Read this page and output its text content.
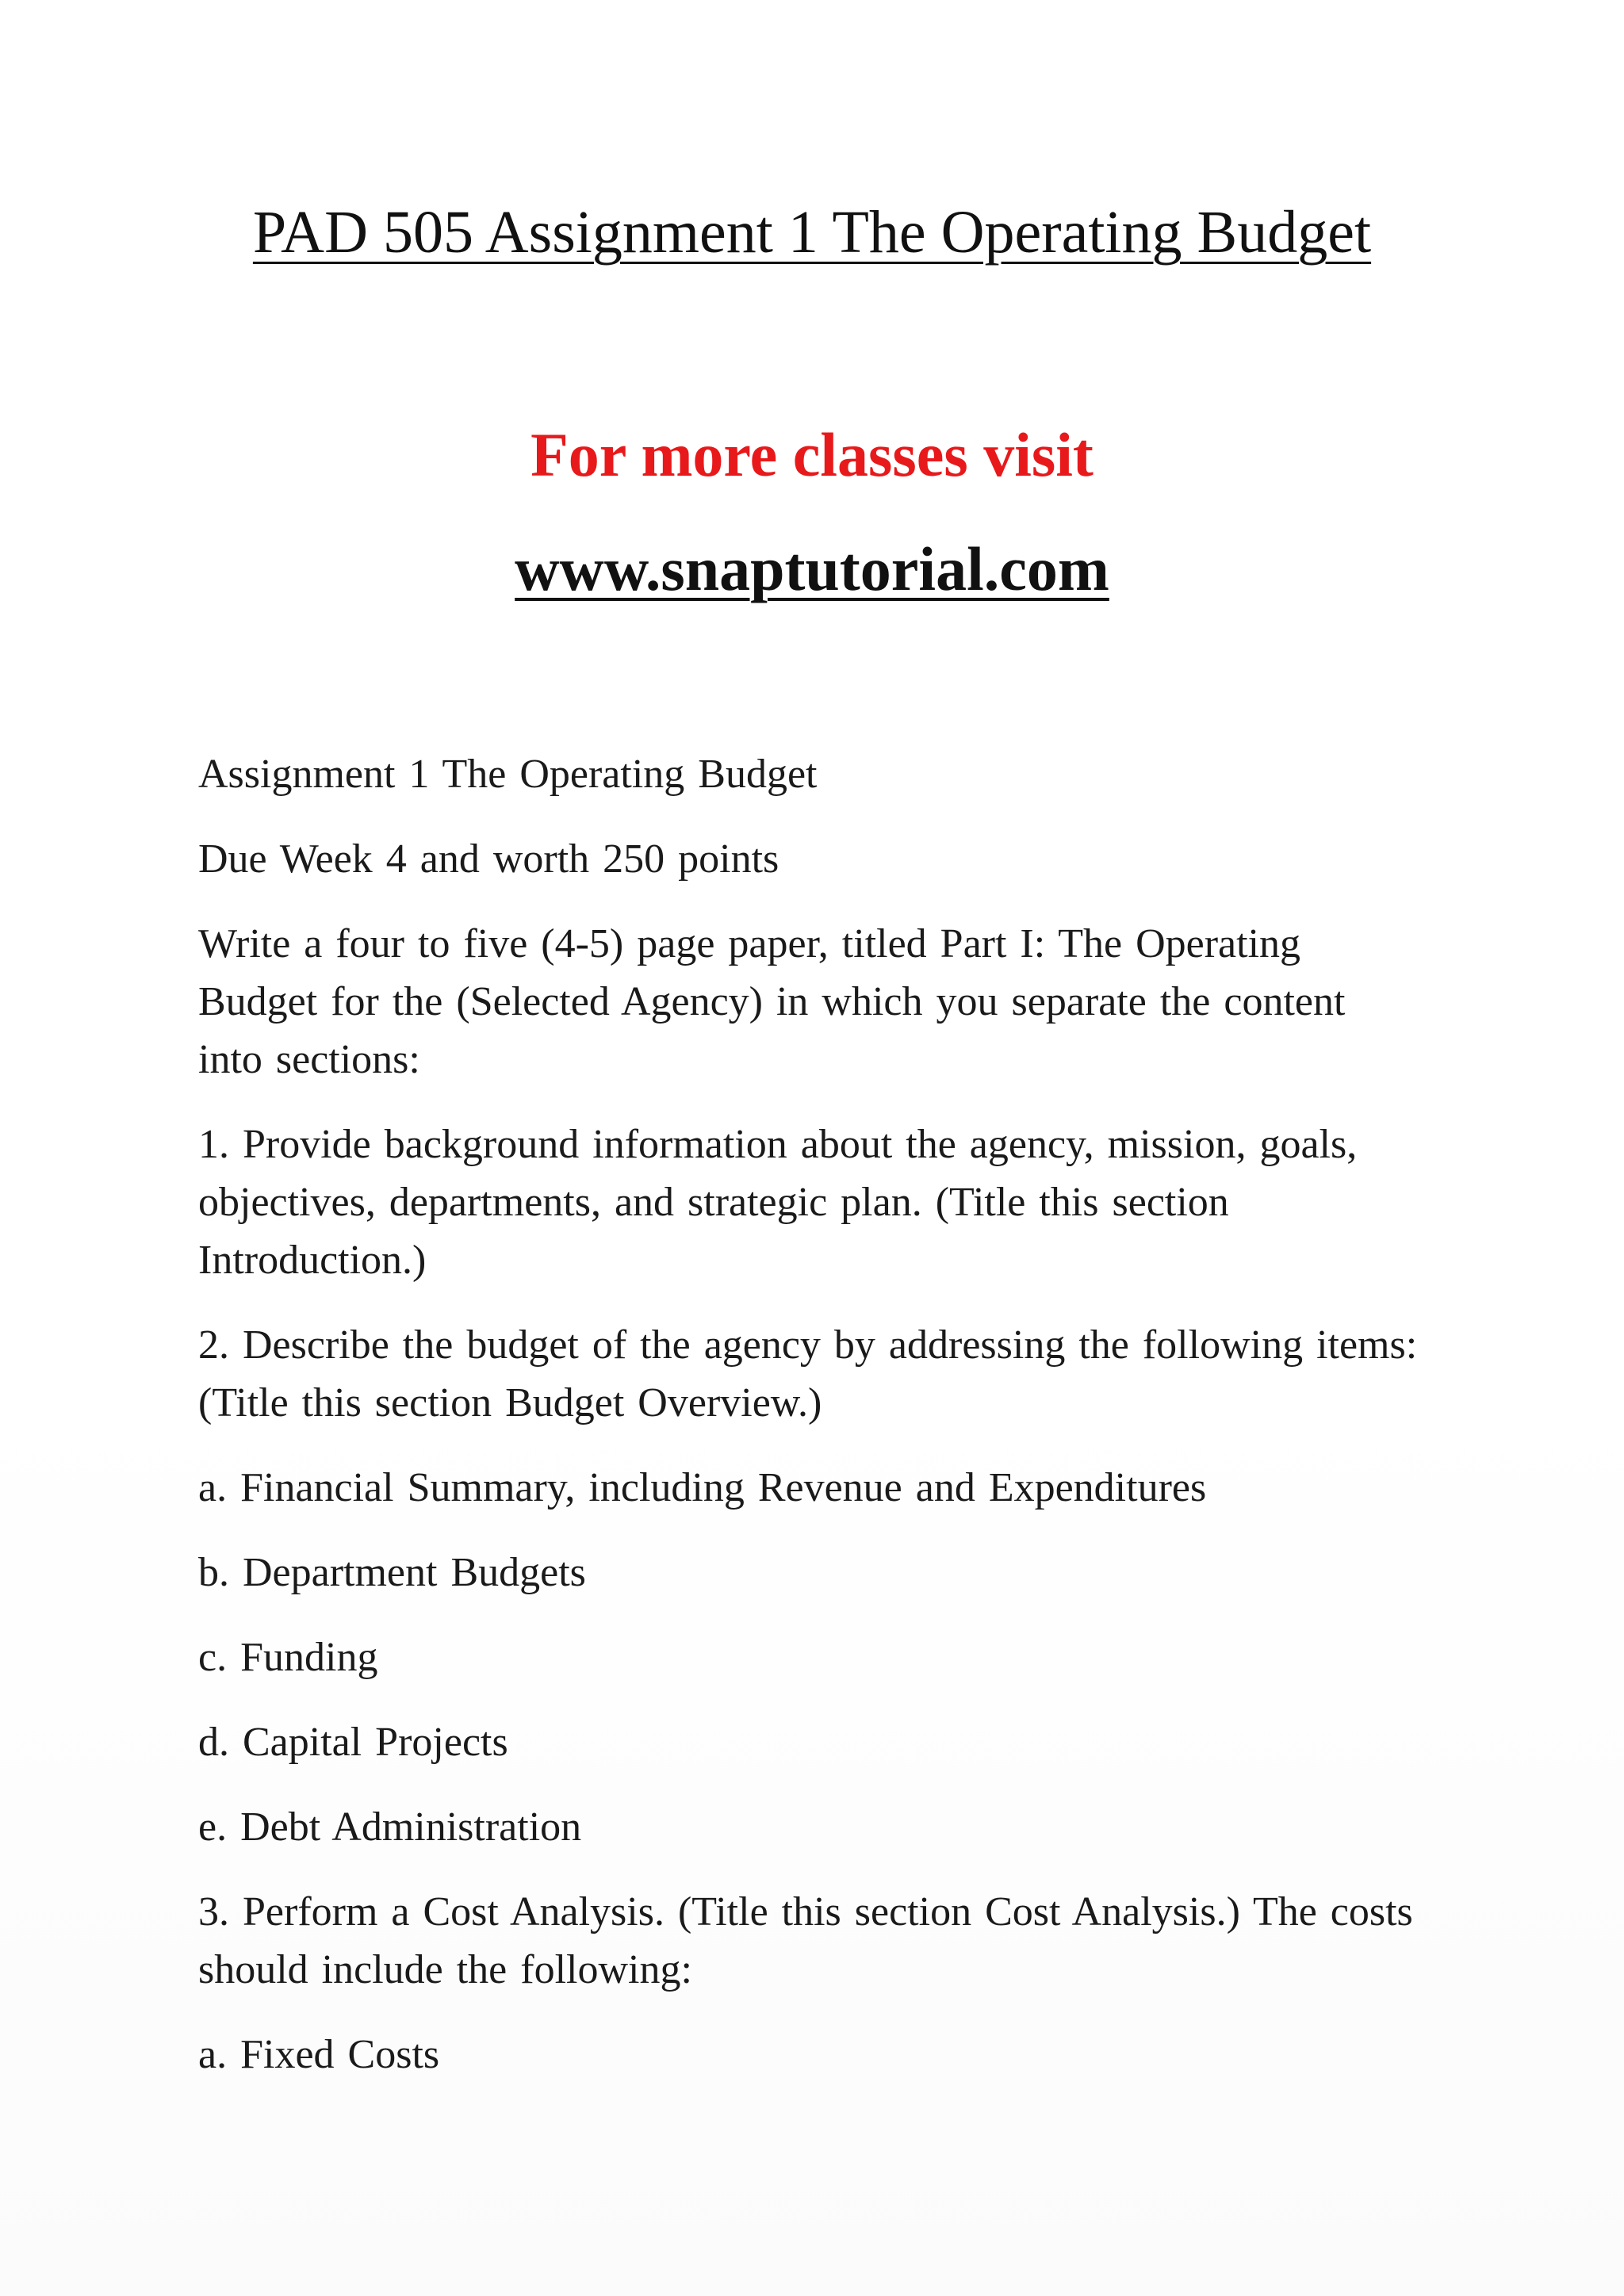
PAD 505 Assignment 1 The Operating Budget

For more classes visit

www.snaptutorial.com

Assignment 1 The Operating Budget

Due Week 4 and worth 250 points

Write a four to five (4-5) page paper, titled Part I: The Operating Budget for the (Selected Agency) in which you separate the content into sections:

1. Provide background information about the agency, mission, goals, objectives, departments, and strategic plan. (Title this section Introduction.)

2. Describe the budget of the agency by addressing the following items: (Title this section Budget Overview.)

a. Financial Summary, including Revenue and Expenditures

b. Department Budgets

c. Funding

d. Capital Projects

e. Debt Administration

3. Perform a Cost Analysis. (Title this section Cost Analysis.) The costs should include the following:

a. Fixed Costs
